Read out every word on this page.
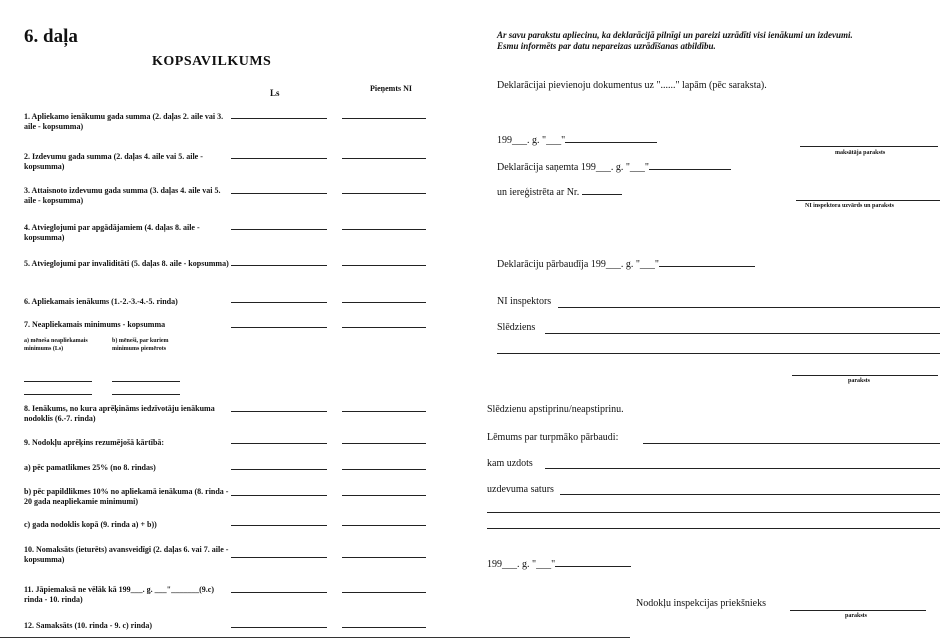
6. daļa
KOPSAVILKUMS
Ls	Pieņemts NI
1. Apliekamo ienākumu gada summa (2. daļas 2. aile vai 3. aile - kopsumma)
2. Izdevumu gada summa (2. daļas 4. aile vai 5. aile - kopsumma)
3. Attaisnoto izdevumu gada summa (3. daļas 4. aile vai 5. aile - kopsumma)
4. Atvieglojumi par apgādājamiem (4. daļas 8. aile - kopsumma)
5. Atvieglojumi par invaliditāti (5. daļas 8. aile - kopsumma)
6. Apliekamais ienākums (1.-2.-3.-4.-5. rinda)
7. Neapliekamais minimums - kopsumma
a) mēneša neapliekamais minimums (Ls)
b) mēneši, par kuriem minimums piemērots
8. Ienākums, no kura aprēķināms iedzīvotāju ienākuma nodoklis (6.-7. rinda)
9. Nodokļu aprēķins rezumējošā kārtībā:
a) pēc pamatlikmes 25% (no 8. rindas)
b) pēc papildlikmes 10% no apliekamā ienākuma (8. rinda - 20 gada neapliekamie minimumi)
c) gada nodoklis kopā (9. rinda a) + b))
10. Nomaksāts (ieturēts) avansveidīgi (2. daļas 6. vai 7. aile - kopsumma)
11. Jāpiemaksā ne vēlāk kā 199___. g. ___"_______(9.c) rinda - 10. rinda)
12. Samaksāts (10. rinda - 9. c) rinda)
Ar savu parakstu apliecinu, ka deklarācijā pilnīgi un pareizi uzrādīti visi ienākumi un izdevumi.
Esmu informēts par datu nepareizas uzrādīšanas atbildību.
Deklarācijai pievienoju dokumentus uz "......" lapām (pēc saraksta).
199___. g. "___"
maksātāja paraksts
Deklarācija saņemta 199___. g. "___"
un iereģistrēta ar Nr.
NI inspektora uzvārds un paraksts
Deklarāciju pārbaudīja 199___. g. "___"
NI inspektors
Slēdziens
paraksts
Slēdzienu apstiprinu/neapstiprinu.
Lēmums par turpmāko pārbaudi:
kam uzdots
uzdevuma saturs
199___. g. "___"
Nodokļu inspekcijas priekšnieks
paraksts
